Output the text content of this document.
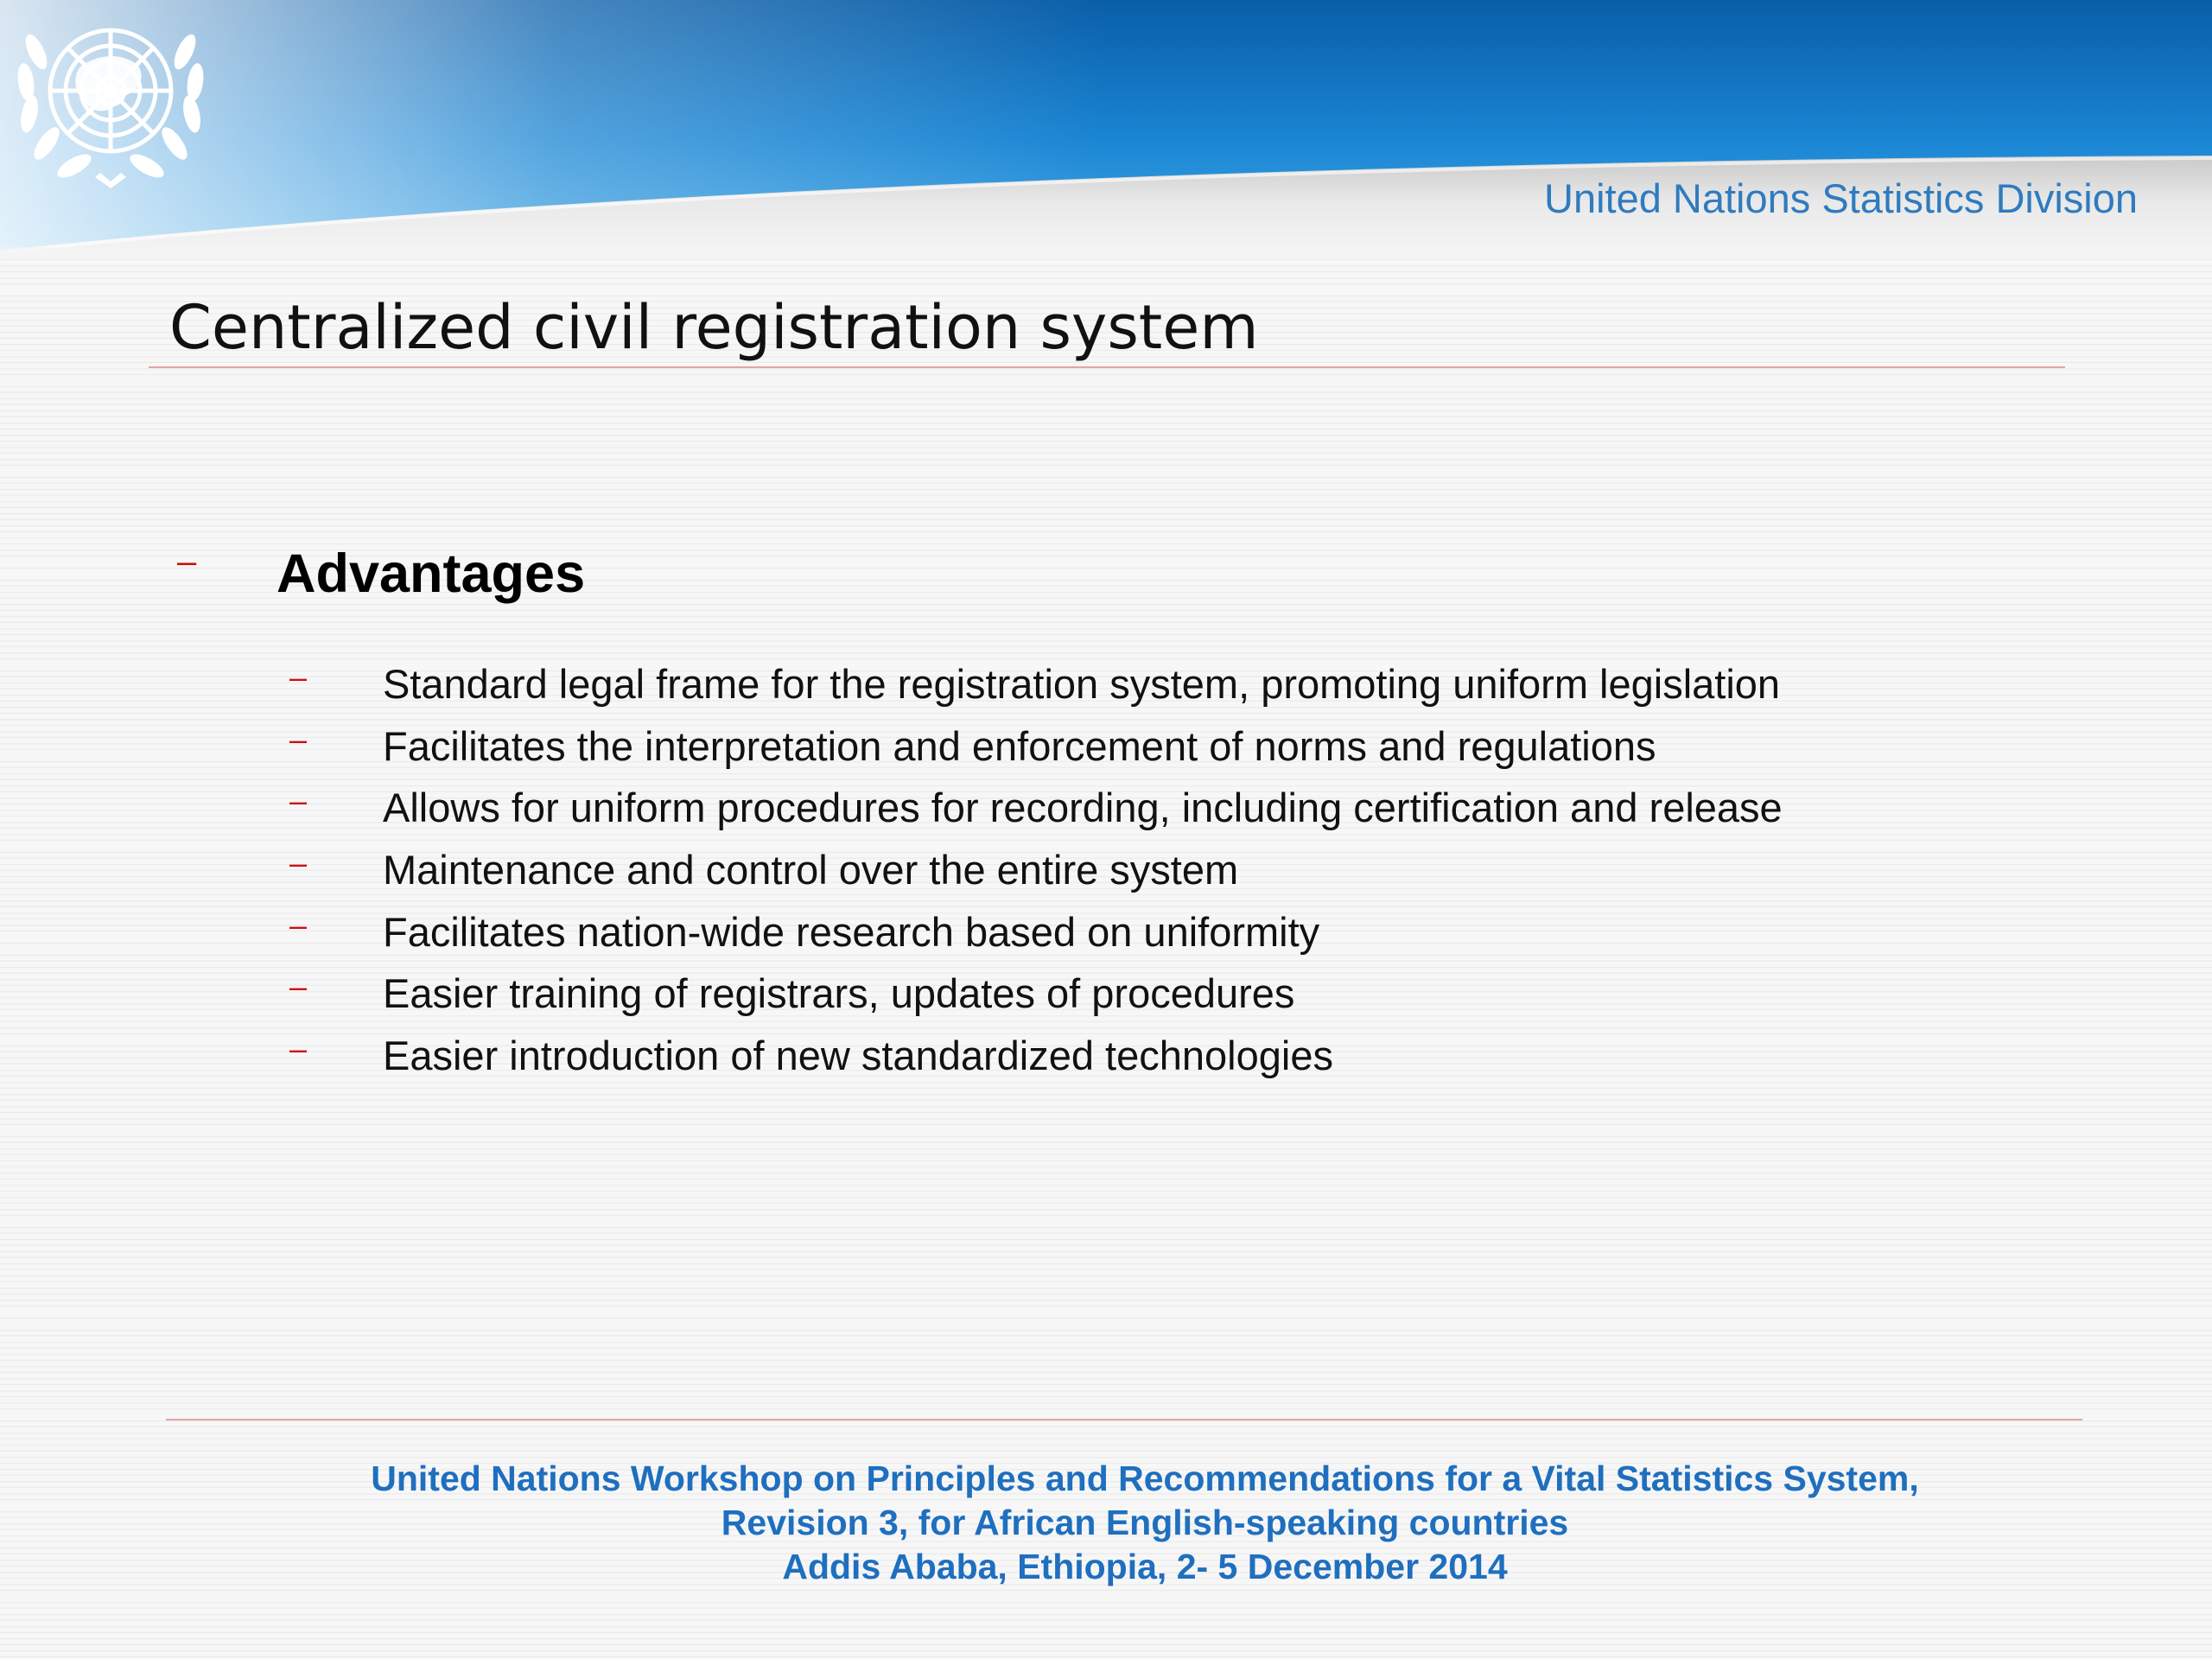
United Nations Statistics Division
Centralized civil registration system
– Advantages
– Standard legal frame for the registration system, promoting uniform legislation
– Facilitates the interpretation and enforcement of norms and regulations
– Allows for uniform procedures for recording, including certification and release
– Maintenance and control over the entire system
– Facilitates nation-wide research based on uniformity
– Easier training of registrars, updates of procedures
– Easier introduction of new standardized technologies
United Nations Workshop on Principles and Recommendations for a Vital Statistics System,
Revision 3, for African English-speaking countries
Addis Ababa, Ethiopia, 2- 5 December 2014
